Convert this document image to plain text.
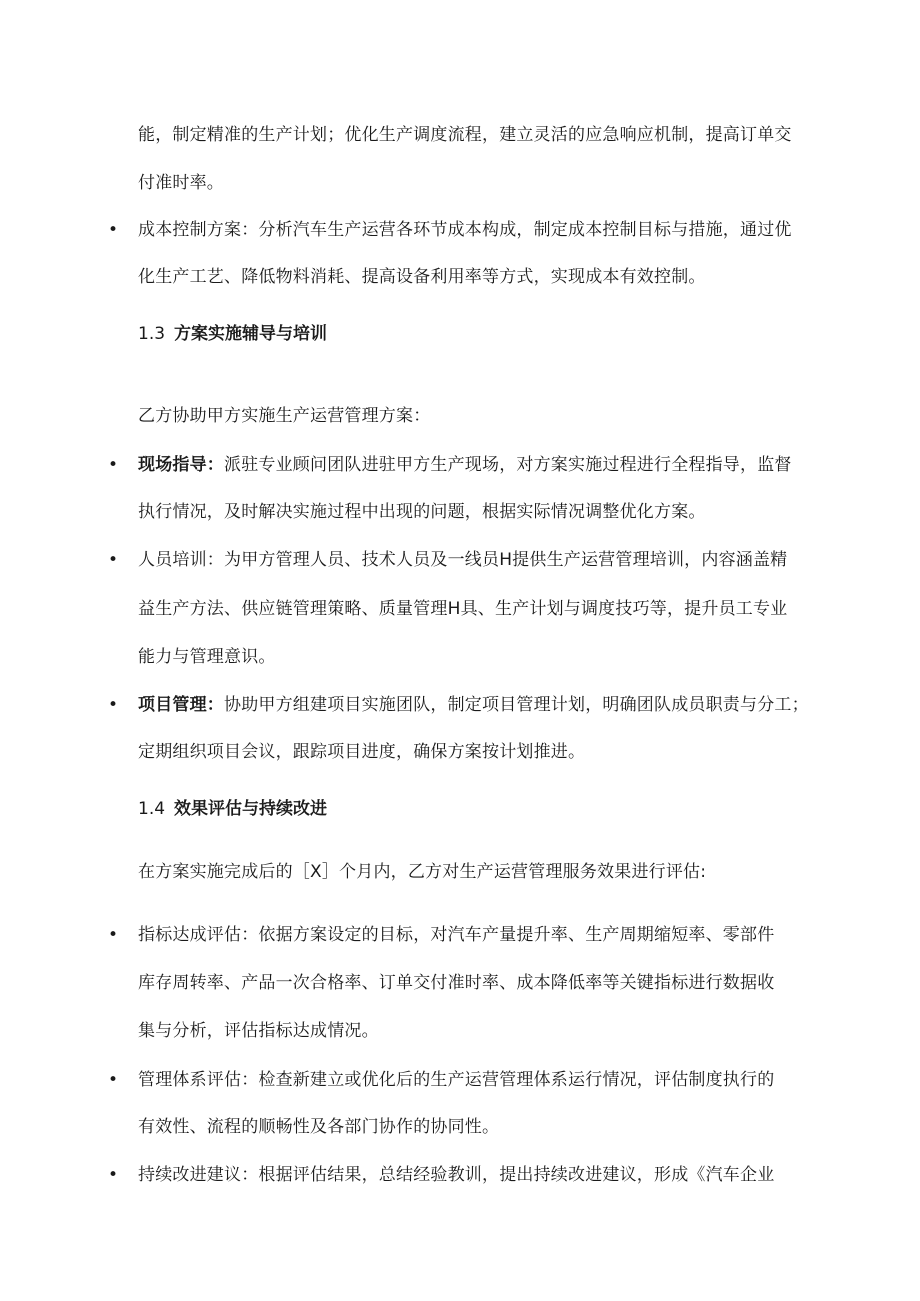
能，制定精准的生产计划；优化生产调度流程，建立灵活的应急响应机制，提高订单交
付准时率。
• 成本控制方案：分析汽车生产运营各环节成本构成，制定成本控制目标与措施，通过优
化生产工艺、降低物料消耗、提高设备利用率等方式，实现成本有效控制。
1.3 方案实施辅导与培训
乙方协助甲方实施生产运营管理方案：
• 现场指导：派驻专业顾问团队进驻甲方生产现场，对方案实施过程进行全程指导，监督
执行情况，及时解决实施过程中出现的问题，根据实际情况调整优化方案。
• 人员培训：为甲方管理人员、技术人员及一线员H提供生产运营管理培训，内容涵盖精
益生产方法、供应链管理策略、质量管理H具、生产计划与调度技巧等，提升员工专业
能力与管理意识。
• 项目管理：协助甲方组建项目实施团队，制定项目管理计划，明确团队成员职责与分工；
定期组织项目会议，跟踪项目进度，确保方案按计划推进。
1.4 效果评估与持续改进
在方案实施完成后的［X］个月内，乙方对生产运营管理服务效果进行评估:
• 指标达成评估：依据方案设定的目标，对汽车产量提升率、生产周期缩短率、零部件
库存周转率、产品一次合格率、订单交付准时率、成本降低率等关键指标进行数据收
集与分析，评估指标达成情况。
• 管理体系评估：检查新建立或优化后的生产运营管理体系运行情况，评估制度执行的
有效性、流程的顺畅性及各部门协作的协同性。
• 持续改进建议：根据评估结果，总结经验教训，提出持续改进建议，形成《汽车企业
